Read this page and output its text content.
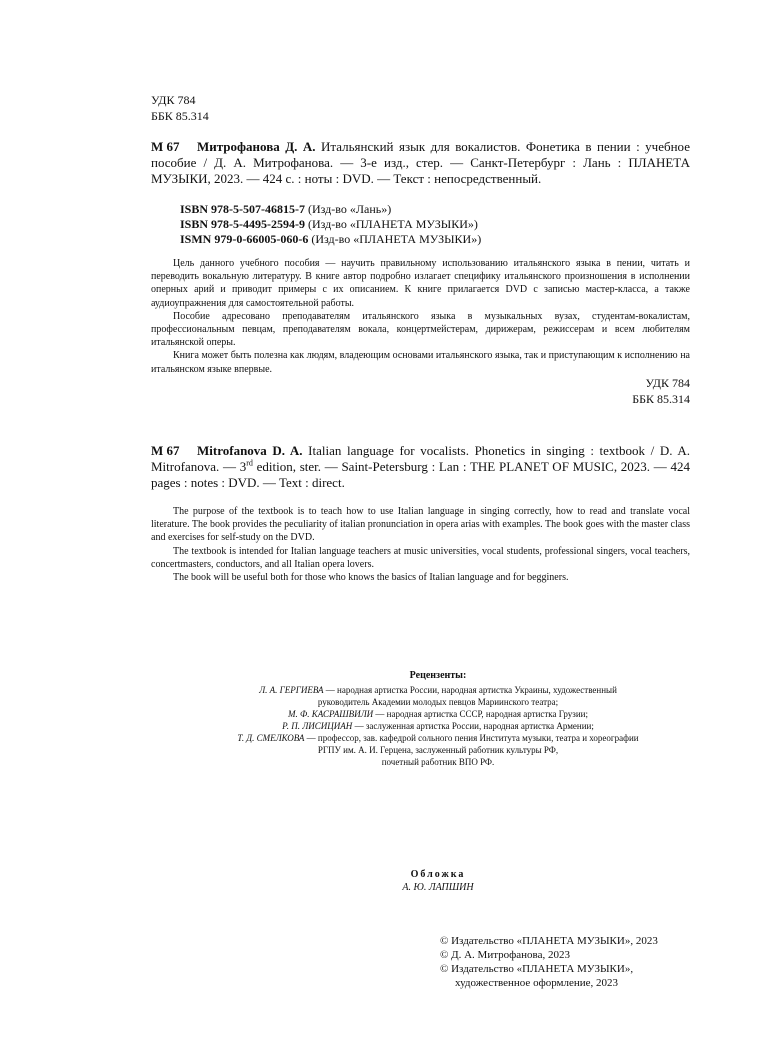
УДК 784
ББК 85.314
М 67	Митрофанова Д. А. Итальянский язык для вокалистов. Фонетика в пении : учебное пособие / Д. А. Митрофанова. — 3-е изд., стер. — Санкт-Петербург : Лань : ПЛАНЕТА МУЗЫКИ, 2023. — 424 с. : ноты : DVD. — Текст : непосредственный.
ISBN 978-5-507-46815-7 (Изд-во «Лань»)
ISBN 978-5-4495-2594-9 (Изд-во «ПЛАНЕТА МУЗЫКИ»)
ISMN 979-0-66005-060-6 (Изд-во «ПЛАНЕТА МУЗЫКИ»)

Цель данного учебного пособия — научить правильному использованию итальянского языка в пении, читать и переводить вокальную литературу. В книге автор подробно излагает специфику итальянского произношения в исполнении оперных арий и приводит примеры с их описанием. К книге прилагается DVD с записью мастер-класса, а также аудиоупражнения для самостоятельной работы.

Пособие адресовано преподавателям итальянского языка в музыкальных вузах, студентам-вокалистам, профессиональным певцам, преподавателям вокала, концертмейстерам, дирижерам, режиссерам и всем любителям итальянской оперы.

Книга может быть полезна как людям, владеющим основами итальянского языка, так и приступающим к исполнению на итальянском языке впервые.

УДК 784
ББК 85.314
М 67	Mitrofanova D. A. Italian language for vocalists. Phonetics in singing : textbook / D. A. Mitrofanova. — 3rd edition, ster. — Saint-Petersburg : Lan : THE PLANET OF MUSIC, 2023. — 424 pages : notes : DVD. — Text : direct.

The purpose of the textbook is to teach how to use Italian language in singing correctly, how to read and translate vocal literature. The book provides the peculiarity of italian pronunciation in opera arias with examples. The book goes with the master class and exercises for self-study on the DVD.

The textbook is intended for Italian language teachers at music universities, vocal students, professional singers, vocal teachers, concertmasters, conductors, and all Italian opera lovers.

The book will be useful both for those who knows the basics of Italian language and for begginers.

Рецензенты:
Л. А. ГЕРГИЕВА — народная артистка России, народная артистка Украины, художественный
руководитель Академии молодых певцов Мариинского театра;
М. Ф. КАСРАШВИЛИ — народная артистка СССР, народная артистка Грузии;
Р. П. ЛИСИЦИАН — заслуженная артистка России, народная артистка Армении;
Т. Д. СМЕЛКОВА — профессор, зав. кафедрой сольного пения Института музыки, театра и хореографии
РГПУ им. А. И. Герцена, заслуженный работник культуры РФ,
почетный работник ВПО РФ.
Обложка
А. Ю. ЛАПШИН
© Издательство «ПЛАНЕТА МУЗЫКИ», 2023
© Д. А. Митрофанова, 2023
© Издательство «ПЛАНЕТА МУЗЫКИ»,
художественное оформление, 2023
